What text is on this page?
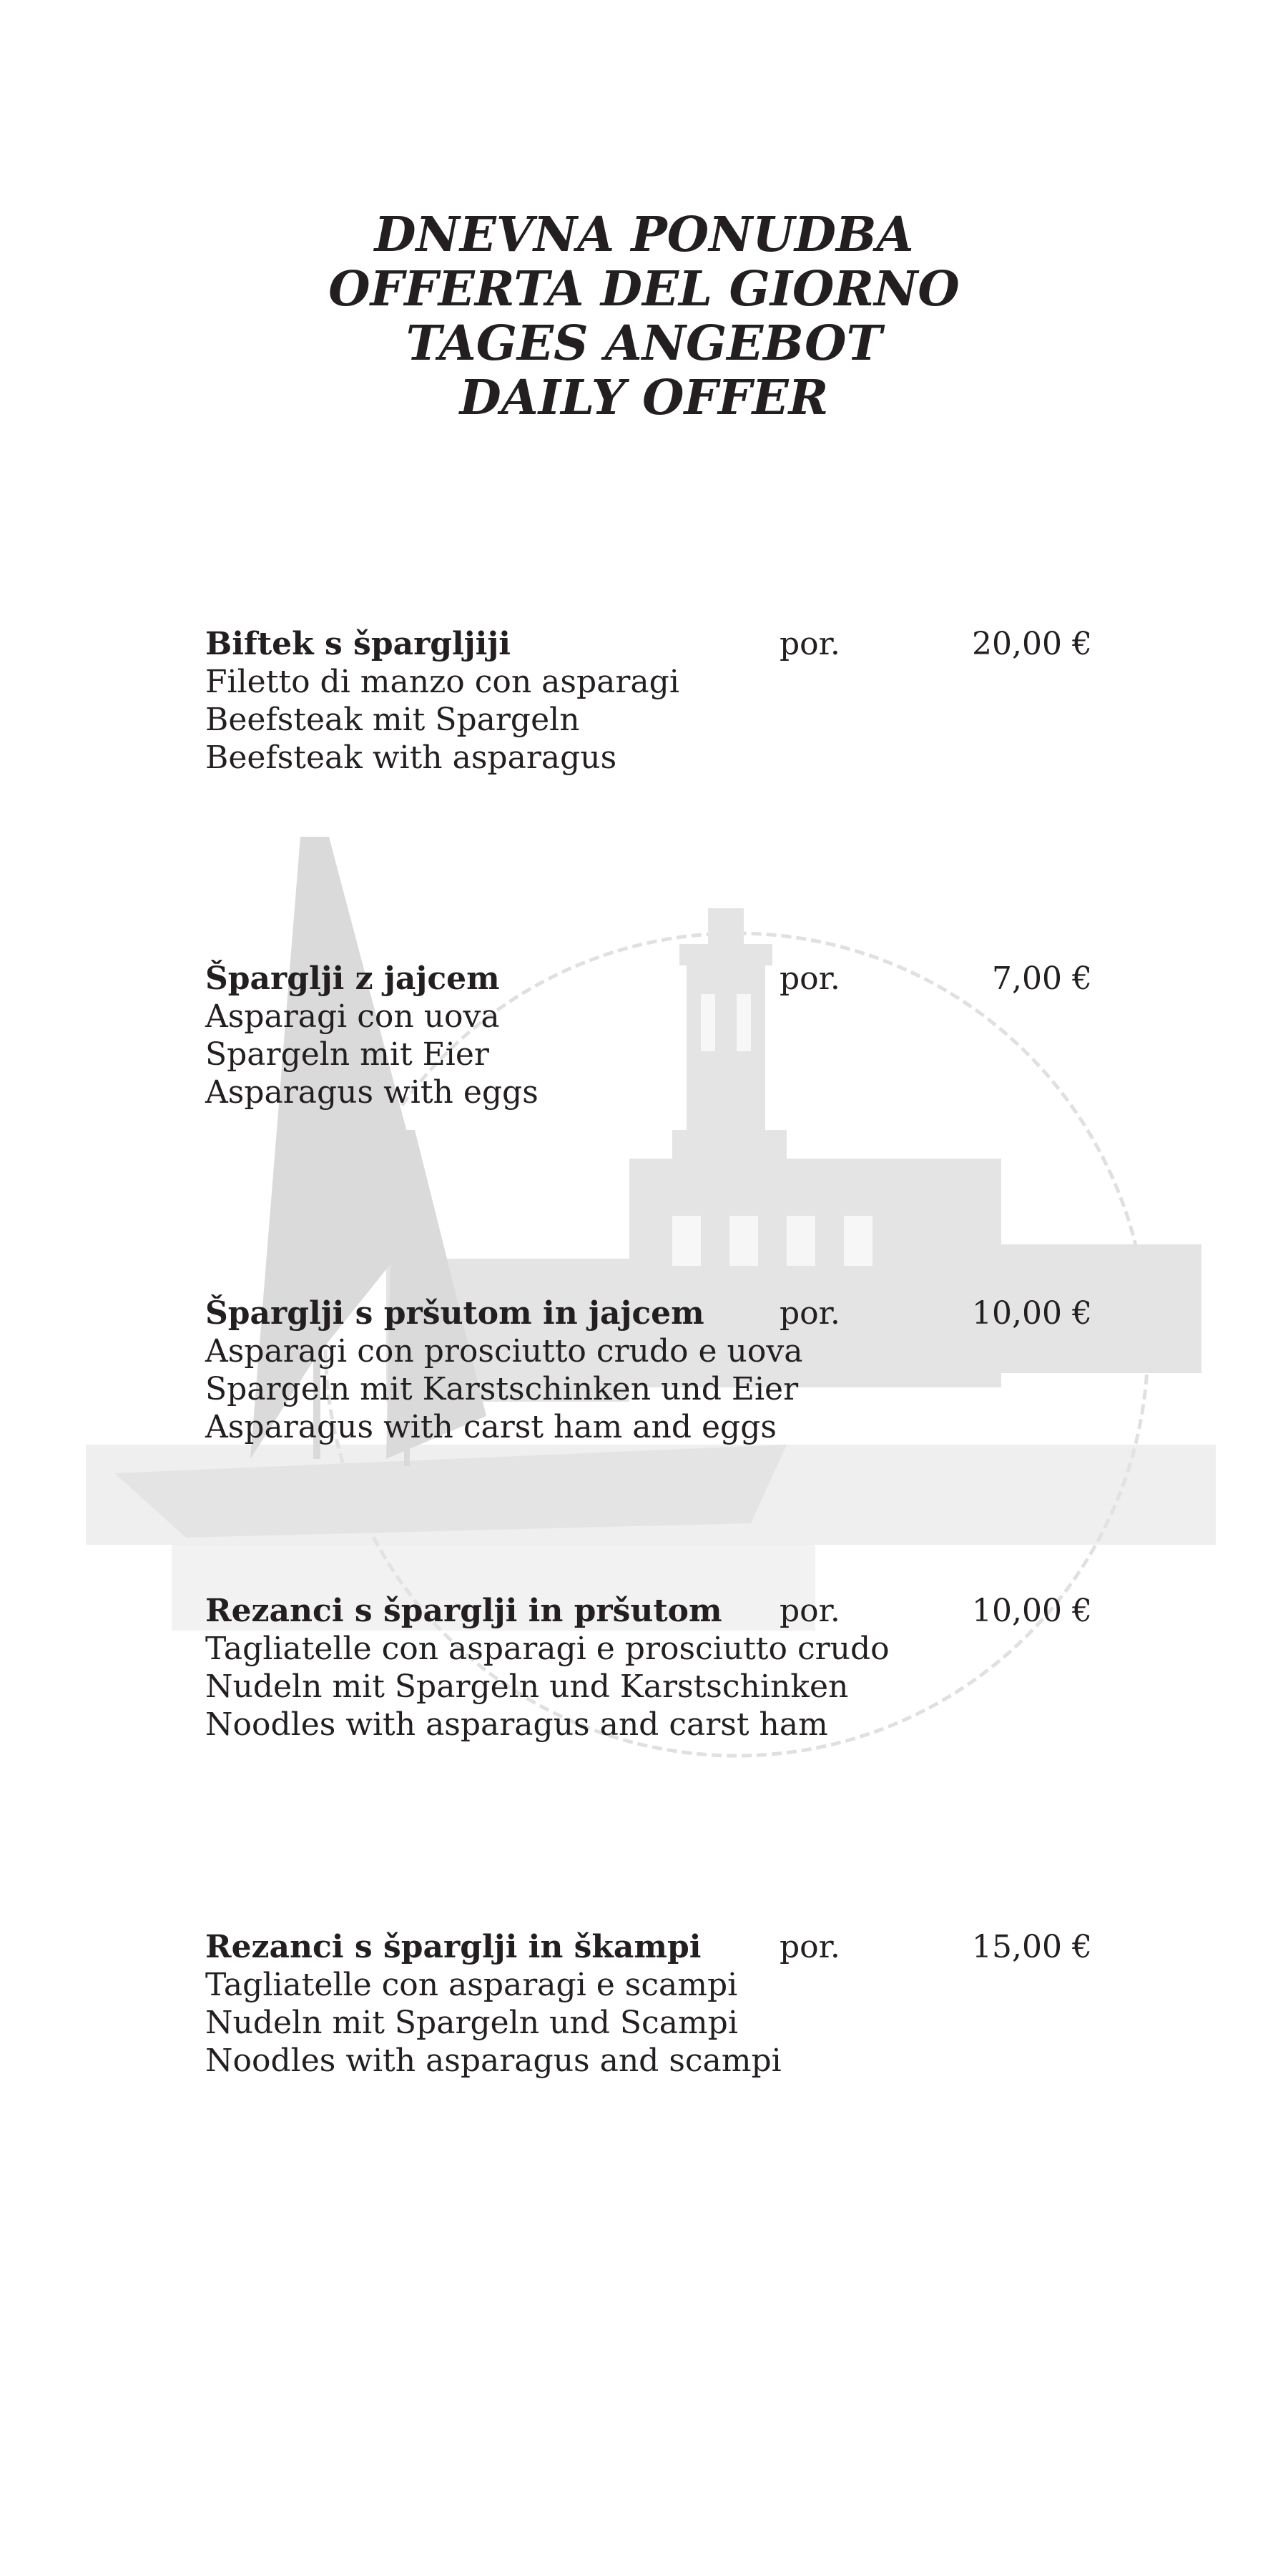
DNEVNA PONUDBA
OFFERTA DEL GIORNO
TAGES ANGEBOT
DAILY OFFER
Biftek s špargljiji	por.	20,00 €
Filetto di manzo con asparagi
Beefsteak mit Spargeln
Beefsteak with asparagus
Šparglji z jajcem	por.	7,00 €
Asparagi con uova
Spargeln mit Eier
Asparagus with eggs
Šparglji s pršutom in jajcem por.	10,00 €
Asparagi con prosciutto crudo e uova
Spargeln mit Karstschinken und Eier
Asparagus with carst ham and eggs
Rezanci s šparglji in pršutom por.	10,00 €
Tagliatelle con asparagi e prosciutto crudo
Nudeln mit Spargeln und Karstschinken
Noodles with asparagus and carst ham
Rezanci s šparglji in škampi por.	15,00 €
Tagliatelle con asparagi e scampi
Nudeln mit Spargeln und Scampi
Noodles with asparagus and scampi
